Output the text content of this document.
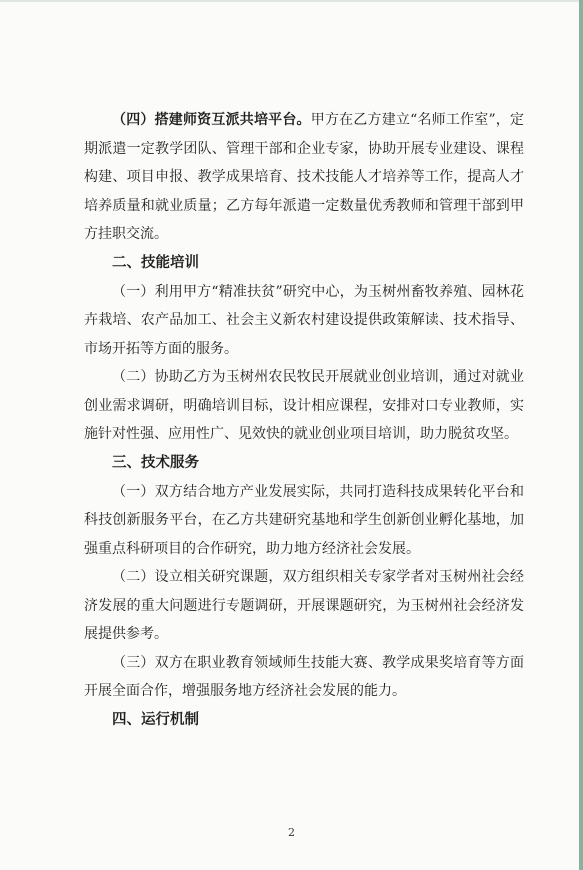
（四）搭建师资互派共培平台。甲方在乙方建立“名师工作室”，定期派遣一定教学团队、管理干部和企业专家，协助开展专业建设、课程构建、项目申报、教学成果培育、技术技能人才培养等工作，提高人才培养质量和就业质量；乙方每年派遣一定数量优秀教师和管理干部到甲方挂职交流。

二、技能培训

（一）利用甲方“精准扶贫”研究中心，为玉树州畜牧养殖、园林花卉栽培、农产品加工、社会主义新农村建设提供政策解读、技术指导、市场开拓等方面的服务。

（二）协助乙方为玉树州农民牧民开展就业创业培训，通过对就业创业需求调研，明确培训目标，设计相应课程，安排对口专业教师，实施针对性强、应用性广、见效快的就业创业项目培训，助力脱贫攻坚。

三、技术服务

（一）双方结合地方产业发展实际，共同打造科技成果转化平台和科技创新服务平台，在乙方共建研究基地和学生创新创业孵化基地，加强重点科研项目的合作研究，助力地方经济社会发展。

（二）设立相关研究课题，双方组织相关专家学者对玉树州社会经济发展的重大问题进行专题调研，开展课题研究，为玉树州社会经济发展提供参考。

（三）双方在职业教育领域师生技能大赛、教学成果奖培育等方面开展全面合作，增强服务地方经济社会发展的能力。

四、运行机制

2
